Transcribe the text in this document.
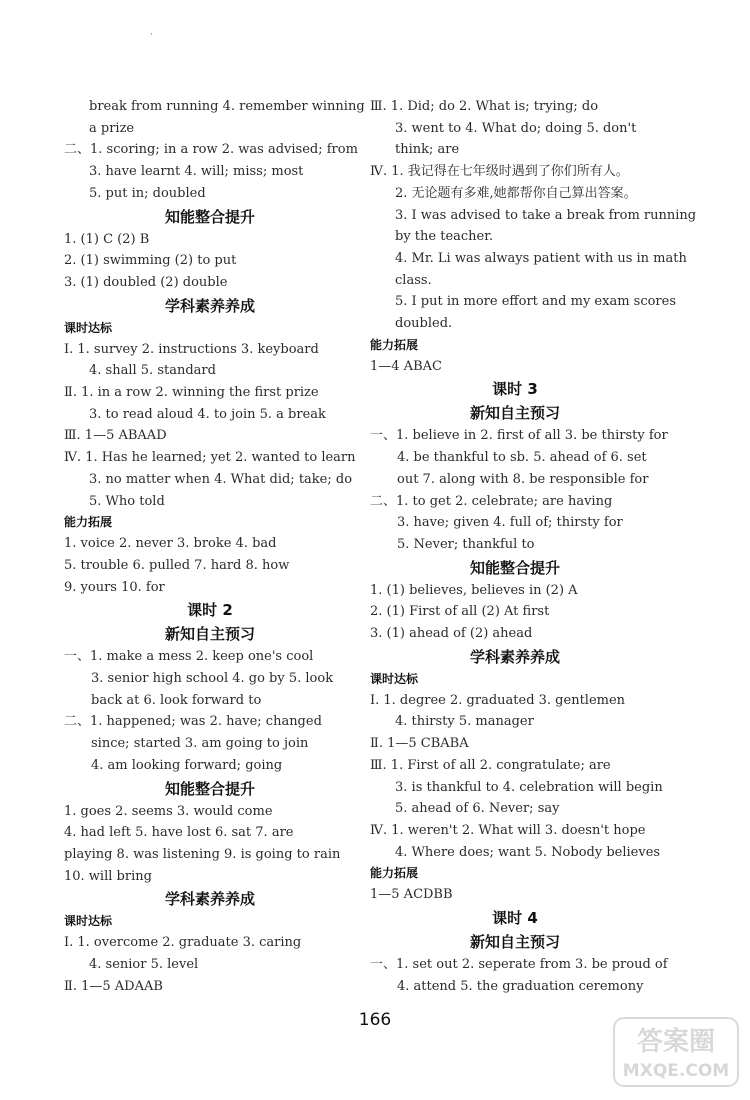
·
break from running 4. remember winning
a prize
二、1. scoring; in a row 2. was advised; from
3. have learnt 4. will; miss; most
5. put in; doubled
知能整合提升
1. (1) C (2) B
2. (1) swimming (2) to put
3. (1) doubled (2) double
学科素养养成
课时达标
Ⅰ. 1. survey 2. instructions 3. keyboard
4. shall 5. standard
Ⅱ. 1. in a row 2. winning the first prize
3. to read aloud 4. to join 5. a break
Ⅲ. 1—5 ABAAD
Ⅳ. 1. Has he learned; yet 2. wanted to learn
3. no matter when 4. What did; take; do
5. Who told
能力拓展
1. voice 2. never 3. broke 4. bad
5. trouble 6. pulled 7. hard 8. how
9. yours 10. for
课时 2
新知自主预习
一、1. make a mess 2. keep one's cool
3. senior high school 4. go by 5. look
back at 6. look forward to
二、1. happened; was 2. have; changed
since; started 3. am going to join
4. am looking forward; going
知能整合提升
1. goes 2. seems 3. would come
4. had left 5. have lost 6. sat 7. are
playing 8. was listening 9. is going to rain
10. will bring
学科素养养成
课时达标
Ⅰ. 1. overcome 2. graduate 3. caring
4. senior 5. level
Ⅱ. 1—5 ADAAB
Ⅲ. 1. Did; do 2. What is; trying; do
3. went to 4. What do; doing 5. don't
think; are
Ⅳ. 1. 我记得在七年级时遇到了你们所有人。
2. 无论题有多难,她都帮你自己算出答案。
3. I was advised to take a break from running
by the teacher.
4. Mr. Li was always patient with us in math
class.
5. I put in more effort and my exam scores
doubled.
能力拓展
1—4 ABAC
课时 3
新知自主预习
一、1. believe in 2. first of all 3. be thirsty for
4. be thankful to sb. 5. ahead of 6. set
out 7. along with 8. be responsible for
二、1. to get 2. celebrate; are having
3. have; given 4. full of; thirsty for
5. Never; thankful to
知能整合提升
1. (1) believes, believes in (2) A
2. (1) First of all (2) At first
3. (1) ahead of (2) ahead
学科素养养成
课时达标
Ⅰ. 1. degree 2. graduated 3. gentlemen
4. thirsty 5. manager
Ⅱ. 1—5 CBABA
Ⅲ. 1. First of all 2. congratulate; are
3. is thankful to 4. celebration will begin
5. ahead of 6. Never; say
Ⅳ. 1. weren't 2. What will 3. doesn't hope
4. Where does; want 5. Nobody believes
能力拓展
1—5 ACDBB
课时 4
新知自主预习
一、1. set out 2. seperate from 3. be proud of
4. attend 5. the graduation ceremony
166
答案圈
MXQE.COM
